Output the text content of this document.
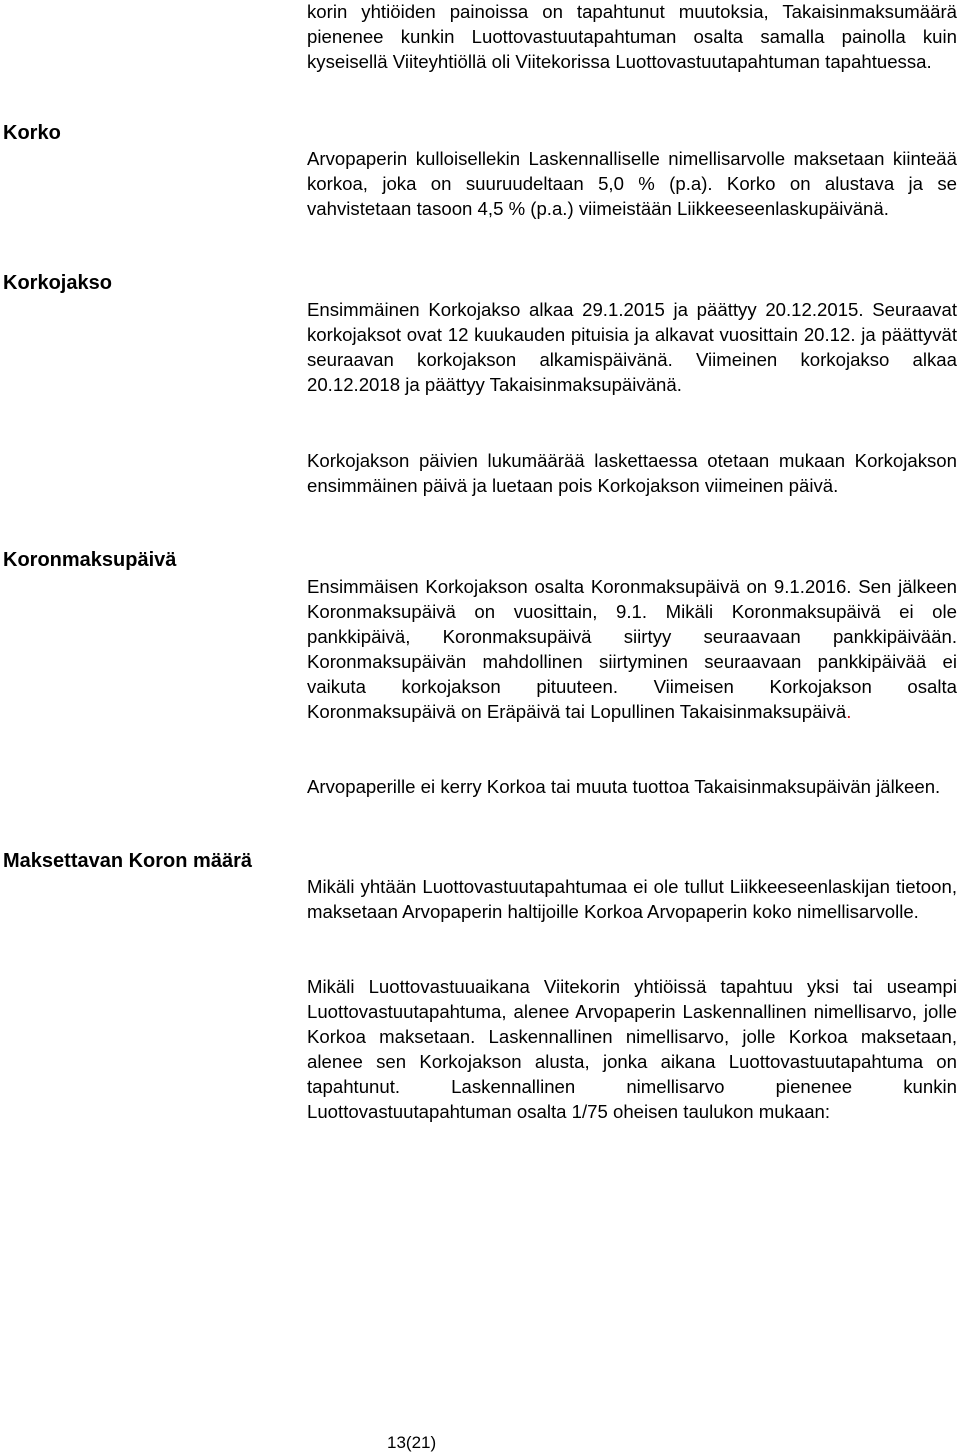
korin yhtiöiden painoissa on tapahtunut muutoksia, Takaisinmaksumäärä pienenee kunkin Luottovastuutapahtuman osalta samalla painolla kuin kyseisellä Viiteyhtiöllä oli Viitekorissa Luottovastuutapahtuman tapahtuessa.

Korko

Arvopaperin kulloisellekin Laskennalliselle nimellisarvolle maksetaan kiinteää korkoa, joka on suuruudeltaan 5,0 % (p.a). Korko on alustava ja se vahvistetaan tasoon 4,5 % (p.a.) viimeistään Liikkeeseenlaskupäivänä.

Korkojakso

Ensimmäinen Korkojakso alkaa 29.1.2015 ja päättyy 20.12.2015. Seuraavat korkojaksot ovat 12 kuukauden pituisia ja alkavat vuosittain 20.12. ja päättyvät seuraavan korkojakson alkamispäivänä. Viimeinen korkojakso alkaa 20.12.2018 ja päättyy Takaisinmaksupäivänä.

Korkojakson päivien lukumäärää laskettaessa otetaan mukaan Korkojakson ensimmäinen päivä ja luetaan pois Korkojakson viimeinen päivä.

Koronmaksupäivä

Ensimmäisen Korkojakson osalta Koronmaksupäivä on 9.1.2016. Sen jälkeen Koronmaksupäivä on vuosittain, 9.1. Mikäli Koronmaksupäivä ei ole pankkipäivä, Koronmaksupäivä siirtyy seuraavaan pankkipäivään. Koronmaksupäivän mahdollinen siirtyminen seuraavaan pankkipäivää ei vaikuta korkojakson pituuteen. Viimeisen Korkojakson osalta Koronmaksupäivä on Eräpäivä tai Lopullinen Takaisinmaksupäivä.

Arvopaperille ei kerry Korkoa tai muuta tuottoa Takaisinmaksupäivän jälkeen.

Maksettavan Koron määrä

Mikäli yhtään Luottovastuutapahtumaa ei ole tullut Liikkeeseenlaskijan tietoon, maksetaan Arvopaperin haltijoille Korkoa Arvopaperin koko nimellisarvolle.

Mikäli Luottovastuuaikana Viitekorin yhtiöissä tapahtuu yksi tai useampi Luottovastuutapahtuma, alenee Arvopaperin Laskennallinen nimellisarvo, jolle Korkoa maksetaan. Laskennallinen nimellisarvo, jolle Korkoa maksetaan, alenee sen Korkojakson alusta, jonka aikana Luottovastuutapahtuma on tapahtunut. Laskennallinen nimellisarvo pienenee kunkin Luottovastuutapahtuman osalta 1/75 oheisen taulukon mukaan:

13(21)
